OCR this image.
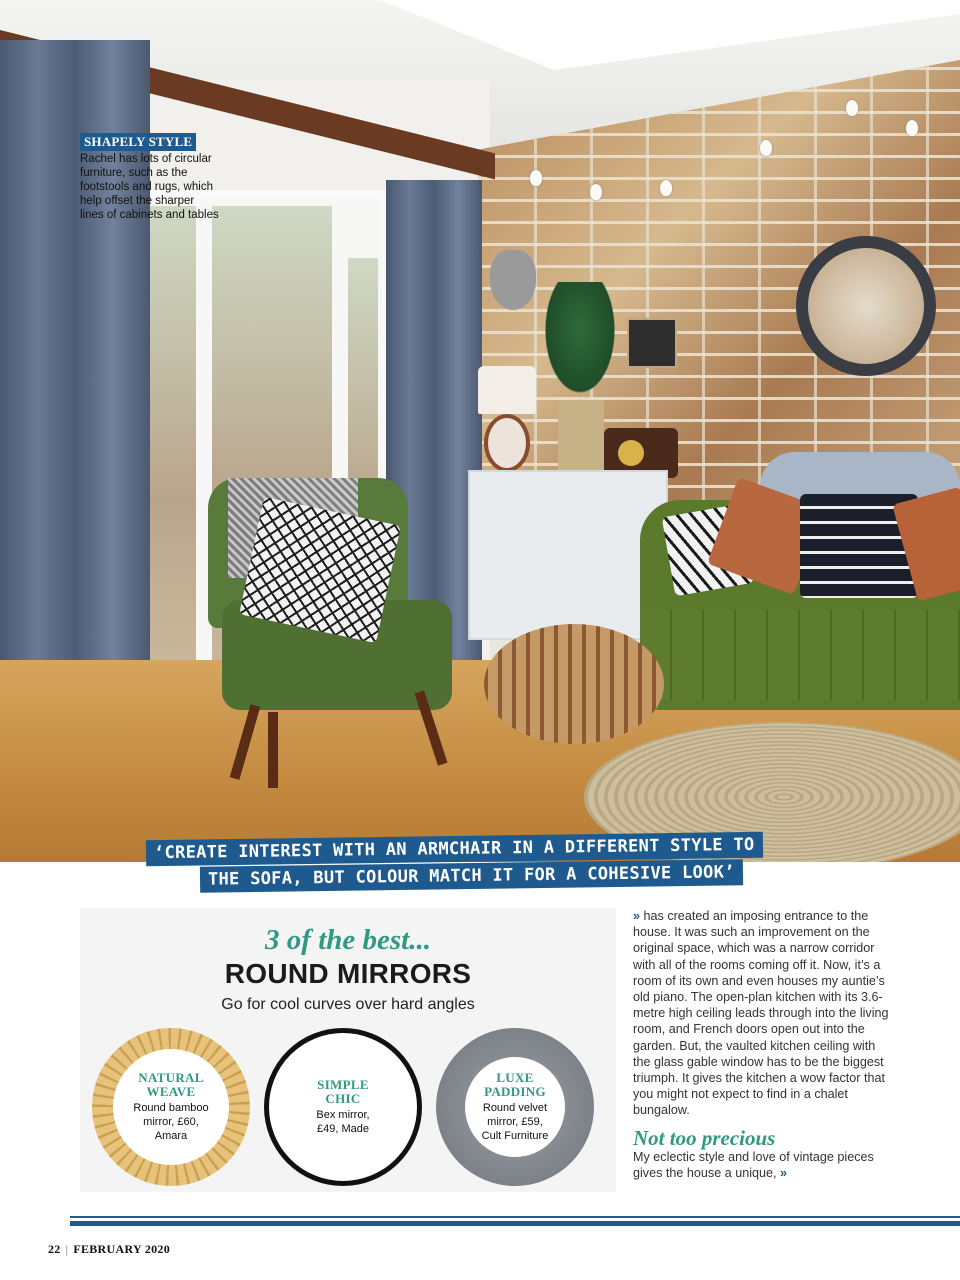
SHAPELY STYLE

Rachel has lots of circular furniture, such as the footstools and rugs, which help offset the sharper lines of cabinets and tables

‘CREATE INTEREST WITH AN ARMCHAIR IN A DIFFERENT STYLE TO
THE SOFA, BUT COLOUR MATCH IT FOR A COHESIVE LOOK’
3 of the best...
ROUND MIRRORS
Go for cool curves over hard angles
NATURAL
WEAVE
Round bamboo
mirror, £60,
Amara
SIMPLE
CHIC
Bex mirror,
£49, Made
LUXE
PADDING
Round velvet
mirror, £59,
Cult Furniture

» has created an imposing entrance to the house. It was such an improvement on the original space, which was a narrow corridor with all of the rooms coming off it. Now, it’s a room of its own and even houses my auntie’s old piano. The open-plan kitchen with its 3.6-metre high ceiling leads through into the living room, and French doors open out into the garden. But, the vaulted kitchen ceiling with the glass gable window has to be the biggest triumph. It gives the kitchen a wow factor that you might not expect to find in a chalet bungalow.

Not too precious

My eclectic style and love of vintage pieces gives the house a unique, »

22 | FEBRUARY 2020
